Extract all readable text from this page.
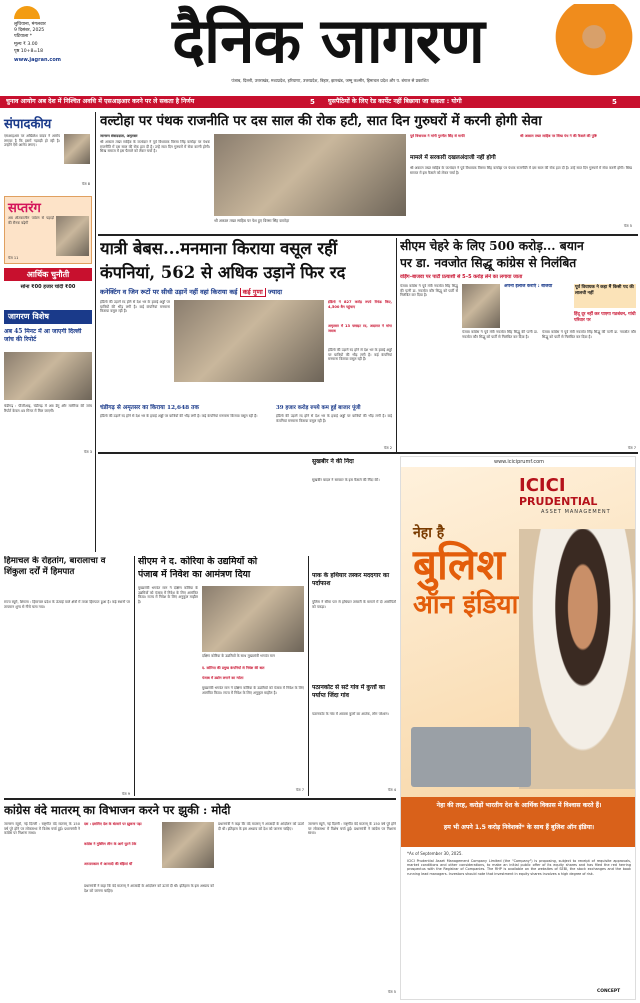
लुधियाना, मंगलवार
9 दिसंबर, 2025
पटियाला *
मूल्य ₹ 3.00
पृष्ठ 10+8=18
www.jagran.com	दैनिक जागरण
पंजाब, दिल्ली, उत्तराखंड, मध्यप्रदेश, हरियाणा, उत्तरप्रदेश, बिहार, झारखंड, जम्मू कश्मीर, हिमाचल प्रदेश और प. बंगाल से प्रकाशित
चुनाव आयोग अब देश में निश्चित अवधि में एसआइआर करने पर ले सकता है निर्णय	5 घुसपैठियों के लिए रेड कार्पेट नहीं बिछाया जा सकता : योगी	5
संपादकीय
एसआइआर पर अखिलेश यादव ने आरोप लगाया है कि इसमें गड़बड़ी हो रही है। उन्होंने ऐसे आरोप लगाए।
पेज 8
सप्तरंग
अब शीतकालीन पर्यटन से पहाड़ों की रौनक बढ़ेगी
पेज 11
आर्थिक चुनौती
सोना ₹00 हजार चांदी ₹00
जागरण विशेष
अब 45 मिनट में आ जाएगी दिल्ली जांच की रिपोर्ट
चंडीगढ़ : पीजीआइ, चंडीगढ़ में अब डेंगू और मलेरिया की जांच रिपोर्ट केवल 45 मिनट में मिल जाएगी।
पेज 3
वल्टोहा पर पंथक राजनीति पर दस साल की रोक हटी, सात दिन गुरुघरों में करनी होगी सेवा
जागरण संवाददाता, अमृतसर
श्री अकाल तख्त साहिब के जत्थेदार ने पूर्व विधायक विरसा सिंह वल्टोहा पर पंथक राजनीति में दस साल की रोक हटा दी है। उन्हें सात दिन गुरुघरों में सेवा करनी होगी। सिख समाज में इस फैसले को लेकर चर्चा है।
श्री अकाल तख्त साहिब पर पेश हुए विरसा सिंह वल्टोहा
मामले में सरकारी दखलअंदाजी नहीं होगी
पूर्व विधायक ने मांगी गुरमीत सिंह से माफी	श्री अकाल तख्त साहिब पर सिख पंथ ने की फैसले की पुष्टि
श्री अकाल तख्त साहिब के जत्थेदार ने पूर्व विधायक विरसा सिंह वल्टोहा पर पंथक राजनीति में दस साल की रोक हटा दी है। उन्हें सात दिन गुरुघरों में सेवा करनी होगी। सिख समाज में इस फैसले को लेकर चर्चा है।
पेज 5
यात्री बेबस...मनमाना किराया वसूल रहीं
कंपनियां, 562 से अधिक उड़ानें फिर रद
कनेक्टिंग व जिन रूटों पर सीधी उड़ानें नहीं वहां किराया कई कई गुणा ज्यादा
इंडिगो की उड़ानें रद होने से देश भर के हवाई अड्डों पर यात्रियों की भीड़ लगी है। कई कंपनियां मनमाना किराया वसूल रही हैं।
इंडिगो ने 827 करोड़ रुपये रिफंड किए, 4,500 बैग पहुंचाए
अमृतसर में 13 फ्लाइट रद, अदालत ने मांगा जवाब
इंडिगो की उड़ानें रद होने से देश भर के हवाई अड्डों पर यात्रियों की भीड़ लगी है। कई कंपनियां मनमाना किराया वसूल रही हैं।
चंडीगढ़ से अमृतसर का किराया 12,648 तक	39 हजार करोड़ रुपये कम हुई बाजार पूंजी
इंडिगो की उड़ानें रद होने से देश भर के हवाई अड्डों पर यात्रियों की भीड़ लगी है। कई कंपनियां मनमाना किराया वसूल रही हैं।	इंडिगो की उड़ानें रद होने से देश भर के हवाई अड्डों पर यात्रियों की भीड़ लगी है। कई कंपनियां मनमाना किराया वसूल रही हैं।
पेज 2
सीएम चेहरे के लिए 500 करोड़... बयान
पर डा. नवजोत सिद्धू कांग्रेस से निलंबित
वड़िंग–बाजवा पर पार्टी प्रत्याशी से 5–5 करोड़ लेने का लगाया जाता
पंजाब कांग्रेस ने पूर्व मंत्री नवजोत सिंह सिद्धू की पत्नी डा. नवजोत कौर सिद्धू को पार्टी से निलंबित कर दिया है।
पंजाब कांग्रेस ने पूर्व मंत्री नवजोत सिंह सिद्धू की पत्नी डा. नवजोत कौर सिद्धू को पार्टी से निलंबित कर दिया है।
अपना इलाज कराएं : बाजवा	पूर्व विधायक ने कहा मैं किसी पद की लालची नहीं
हिंदू दूर नहीं कर पाएगा गठबंधन, गांधी परिवार पर
पंजाब कांग्रेस ने पूर्व मंत्री नवजोत सिंह सिद्धू की पत्नी डा. नवजोत कौर सिद्धू को पार्टी से निलंबित कर दिया है।
पेज 7
हिमाचल के रोहतांग, बारालाचा व शिंकुला दर्रों में हिमपात
राज्य ब्यूरो, शिमला : हिमाचल प्रदेश के ऊंचाई वाले क्षेत्रों में ताजा हिमपात हुआ है। कई स्थानों पर तापमान शून्य से नीचे चला गया।
पेज 9
सीएम ने द. कोरिया के उद्यमियों को
पंजाब में निवेश का आमंत्रण दिया
मुख्यमंत्री भगवंत मान ने दक्षिण कोरिया के उद्यमियों को पंजाब में निवेश के लिए आमंत्रित किया। राज्य में निवेश के लिए अनुकूल माहौल है।
दक्षिण कोरिया के उद्यमियों के साथ मुख्यमंत्री भगवंत मान
द. कोरिया की प्रमुख कंपनियों से निवेश की बात
पंजाब में उद्योग लगाने का न्योता
मुख्यमंत्री भगवंत मान ने दक्षिण कोरिया के उद्यमियों को पंजाब में निवेश के लिए आमंत्रित किया। राज्य में निवेश के लिए अनुकूल माहौल है।
पेज 7
सुखबीर ने की निंदा
सुखबीर बादल ने सरकार के इस फैसले की निंदा की।
पाक के हथियार तस्कर मददगार का पर्दाफाश
पुलिस ने सीमा पार से हथियार तस्करी के मामले में दो आरोपितों को पकड़ा।
पठानकोट से सटे गांव में कुत्तों का पर्याप्त जिंदा गांव
पठानकोट के गांव में आवारा कुत्तों का आतंक, लोग परेशान।
पेज 4
www.iciciprumf.com
ICICI
PRUDENTIAL
ASSET MANAGEMENT
नेहा है
बुलिश
ऑन इंडिया
नेहा की तरह, करोड़ों भारतीय देश के आर्थिक विकास में विश्वास करते हैं।
हम भी अपने 1.5 करोड़ निवेशकों* के साथ हैं बुलिश ऑन इंडिया।
*As of September 30, 2025.
ICICI Prudential Asset Management Company Limited (the "Company") is proposing, subject to receipt of requisite approvals, market conditions and other considerations, to make an initial public offer of its equity shares and has filed the red herring prospectus with the Registrar of Companies. The RHP is available on the websites of SEBI, the stock exchanges and the book running lead managers. Investors should note that investment in equity shares involves a high degree of risk.
CONCEPT
कांग्रेस वंदे मातरम् का विभाजन करने पर झुकी : मोदी
जागरण ब्यूरो, नई दिल्ली : राष्ट्रगीत वंदे मातरम् के 150 वर्ष पूरे होने पर लोकसभा में विशेष चर्चा हुई। प्रधानमंत्री ने कांग्रेस पर निशाना साधा।
दस : इसलिए देश के बंटवारे पर झुकना पड़ा
कांग्रेस ने मुस्लिम लीग के आगे घुटने टेके
आपातकाल में आजादी की बेड़ियां थीं
प्रधानमंत्री ने कहा कि वंदे मातरम् ने आजादी के आंदोलन को ऊर्जा दी थी। इतिहास के इस अध्याय को देश को जानना चाहिए।
प्रधानमंत्री ने कहा कि वंदे मातरम् ने आजादी के आंदोलन को ऊर्जा दी थी। इतिहास के इस अध्याय को देश को जानना चाहिए।
जागरण ब्यूरो, नई दिल्ली : राष्ट्रगीत वंदे मातरम् के 150 वर्ष पूरे होने पर लोकसभा में विशेष चर्चा हुई। प्रधानमंत्री ने कांग्रेस पर निशाना साधा।
पेज 5
